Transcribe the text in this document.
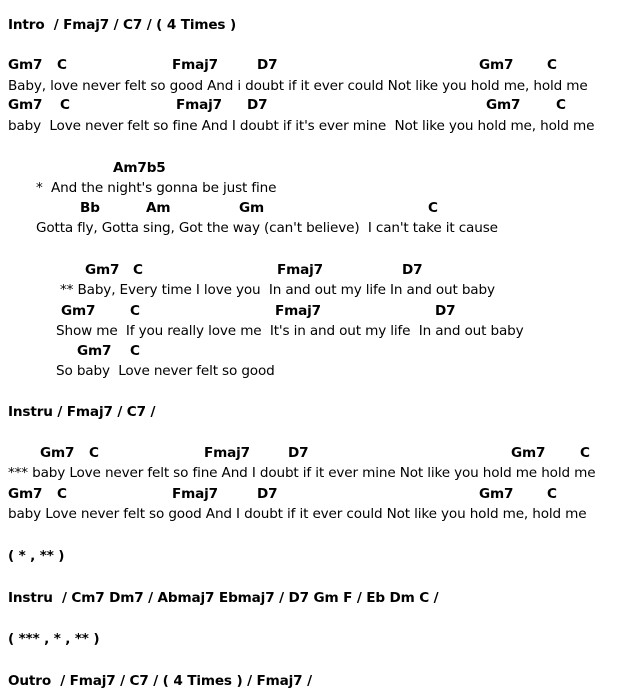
Intro  / Fmaj7 / C7 / ( 4 Times )
Gm7 C	Fmaj7	D7	Gm7 C
Baby, love never felt so good And i doubt if it ever could Not like you hold me, hold me
Gm7 C	Fmaj7 D7	Gm7	C
baby  Love never felt so fine And I doubt if it's ever mine  Not like you hold me, hold me
Am7b5
*  And the night's gonna be just fine
Bb	Am	Gm	C
Gotta fly, Gotta sing, Got the way (can't believe)  I can't take it cause
Gm7 C	Fmaj7	D7
** Baby, Every time I love you  In and out my life In and out baby
Gm7	C	Fmaj7	D7
Show me  If you really love me  It's in and out my life  In and out baby
Gm7 C
So baby  Love never felt so good
Instru / Fmaj7 / C7 /
Gm7 C	Fmaj7	D7	Gm7	C
*** baby Love never felt so fine And I doubt if it ever mine Not like you hold me hold me
Gm7 C	Fmaj7	D7	Gm7 C
baby Love never felt so good And I doubt if it ever could Not like you hold me, hold me
( * , ** )
Instru  / Cm7 Dm7 / Abmaj7 Ebmaj7 / D7 Gm F / Eb Dm C /
( *** , * , ** )
Outro  / Fmaj7 / C7 / ( 4 Times ) / Fmaj7 /
